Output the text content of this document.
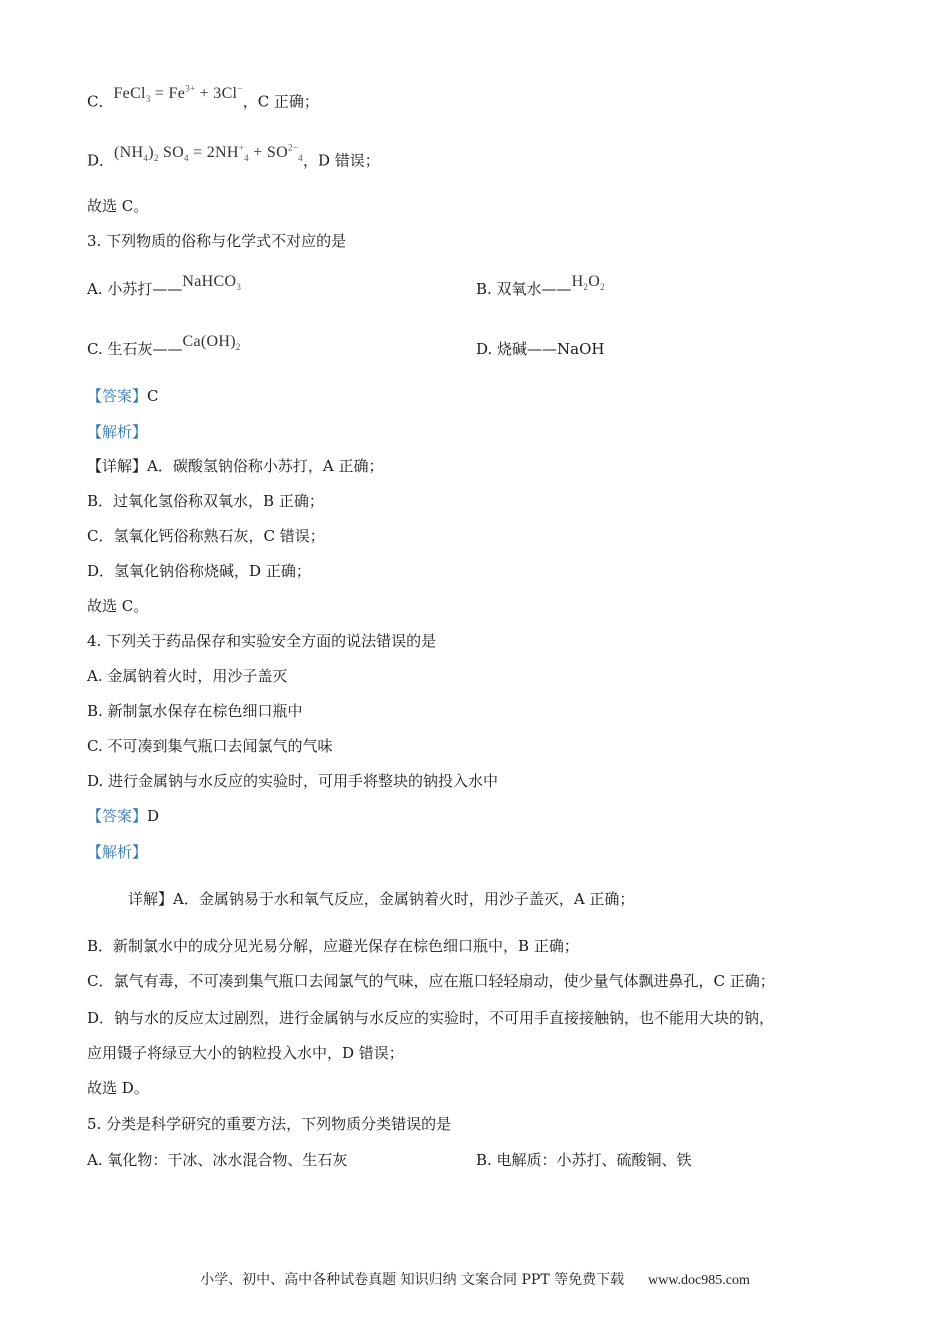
C．FeCl$_3$ = $Fe^{3+} + 3Cl^-$，C 正确；
D．$(NH_4)_2$ $SO_4 = 2NH^+_4 + SO^{2-}_4$，D 错误；
故选 C。
3. 下列物质的俗称与化学式不对应的是
A. 小苏打——NaHCO$_3$	B. 双氧水$——H_2O_2$
C. 生石灰$——Ca(OH)_2$	D. 烧碱——NaOH
【答案】C
【解析】
【详解】A．碳酸氢钠俗称小苏打，A 正确；
B．过氧化氢俗称双氧水，B 正确；
C．氢氧化钙俗称熟石灰，C 错误；
D．氢氧化钠俗称烧碱，D 正确；
故选 C。
4. 下列关于药品保存和实验安全方面的说法错误的是
A. 金属钠着火时，用沙子盖灭
B. 新制氯水保存在棕色细口瓶中
C. 不可凑到集气瓶口去闻氯气的气味
D. 进行金属钠与水反应的实验时，可用手将整块的钠投入水中
【答案】D
【解析】
详解】A．金属钠易于水和氧气反应，金属钠着火时，用沙子盖灭，A 正确；
B．新制氯水中的成分见光易分解，应避光保存在棕色细口瓶中，B 正确；
C．氯气有毒，不可凑到集气瓶口去闻氯气的气味，应在瓶口轻轻扇动，使少量气体飘进鼻孔，C 正确；
D．钠与水的反应太过剧烈，进行金属钠与水反应的实验时，不可用手直接接触钠，也不能用大块的钠，
应用镊子将绿豆大小的钠粒投入水中，D 错误；
故选 D。
5. 分类是科学研究的重要方法，下列物质分类错误的是
A. 氧化物：干冰、冰水混合物、生石灰	B. 电解质：小苏打、硫酸铜、铁
小学、初中、高中各种试卷真题 知识归纳 文案合同 PPT 等免费下载 www.doc985.com
